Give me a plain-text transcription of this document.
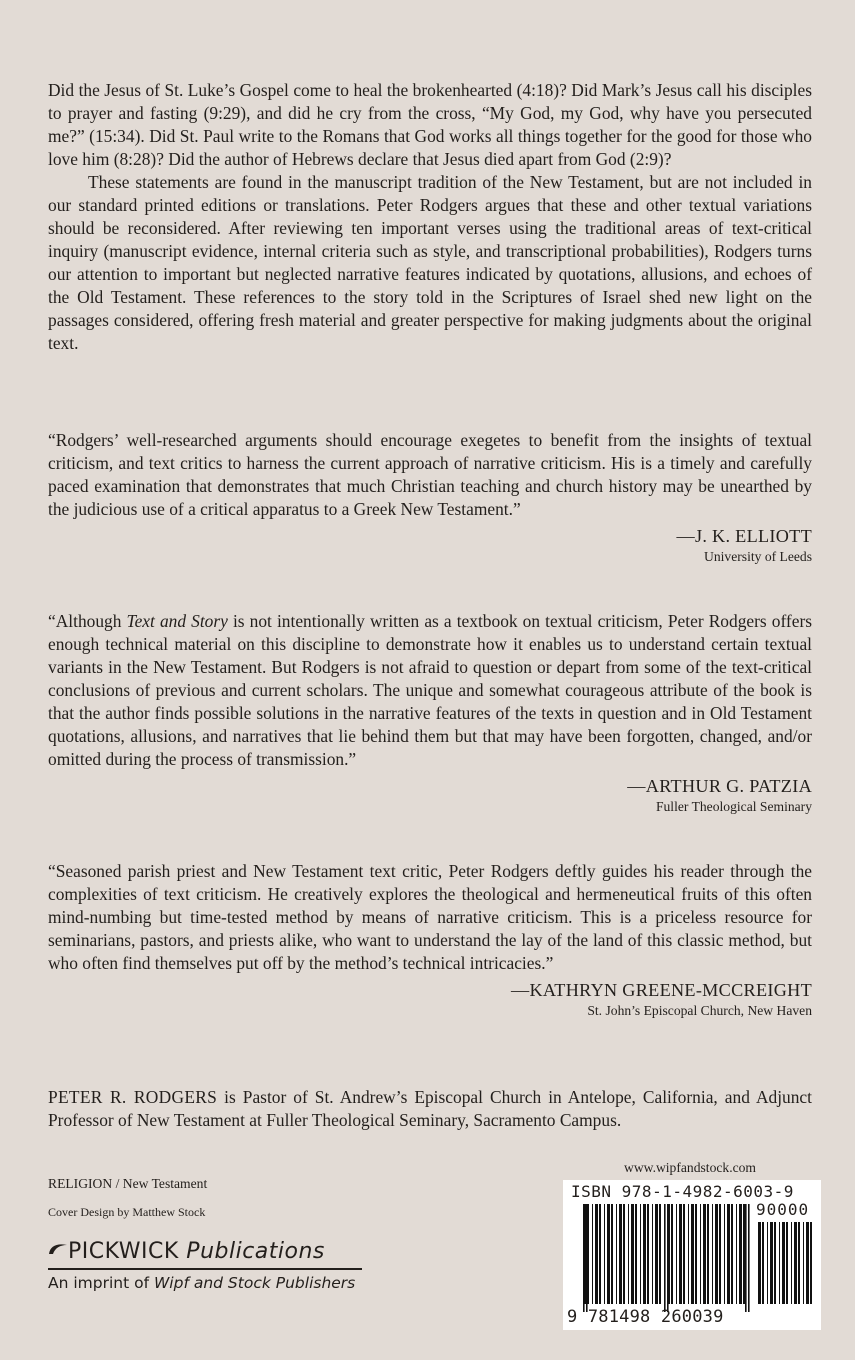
Did the Jesus of St. Luke’s Gospel come to heal the brokenhearted (4:18)? Did Mark’s Jesus call his disciples to prayer and fasting (9:29), and did he cry from the cross, “My God, my God, why have you persecuted me?” (15:34). Did St. Paul write to the Romans that God works all things together for the good for those who love him (8:28)? Did the author of Hebrews declare that Jesus died apart from God (2:9)?

These statements are found in the manuscript tradition of the New Testament, but are not included in our standard printed editions or translations. Peter Rodgers argues that these and other textual variations should be reconsidered. After reviewing ten important verses using the traditional areas of text-critical inquiry (manuscript evidence, internal criteria such as style, and transcriptional probabilities), Rodgers turns our attention to important but neglected narrative features indicated by quotations, allusions, and echoes of the Old Testament. These references to the story told in the Scriptures of Israel shed new light on the passages considered, offering fresh material and greater perspective for making judgments about the original text.

“Rodgers’ well-researched arguments should encourage exegetes to benefit from the insights of textual criticism, and text critics to harness the current approach of narrative criticism. His is a timely and carefully paced examination that demonstrates that much Christian teaching and church history may be unearthed by the judicious use of a critical apparatus to a Greek New Testament.”

—J. K. ELLIOTT
University of Leeds

“Although Text and Story is not intentionally written as a textbook on textual criticism, Peter Rodgers offers enough technical material on this discipline to demonstrate how it enables us to understand certain textual variants in the New Testament. But Rodgers is not afraid to question or depart from some of the text-critical conclusions of previous and current scholars. The unique and somewhat courageous attribute of the book is that the author finds possible solutions in the narrative features of the texts in question and in Old Testament quotations, allusions, and narratives that lie behind them but that may have been forgotten, changed, and/or omitted during the process of transmission.”

—ARTHUR G. PATZIA
Fuller Theological Seminary

“Seasoned parish priest and New Testament text critic, Peter Rodgers deftly guides his reader through the complexities of text criticism. He creatively explores the theological and hermeneutical fruits of this often mind-numbing but time-tested method by means of narrative criticism. This is a priceless resource for seminarians, pastors, and priests alike, who want to understand the lay of the land of this classic method, but who often find themselves put off by the method’s technical intricacies.”

—KATHRYN GREENE-MCCREIGHT
St. John’s Episcopal Church, New Haven

PETER R. RODGERS is Pastor of St. Andrew’s Episcopal Church in Antelope, California, and Adjunct Professor of New Testament at Fuller Theological Seminary, Sacramento Campus.

RELIGION / New Testament
Cover Design by Matthew Stock
PICKWICK Publications
An imprint of Wipf and Stock Publishers
www.wipfandstock.com
ISBN 978-1-4982-6003-9
90000
9 781498 260039
